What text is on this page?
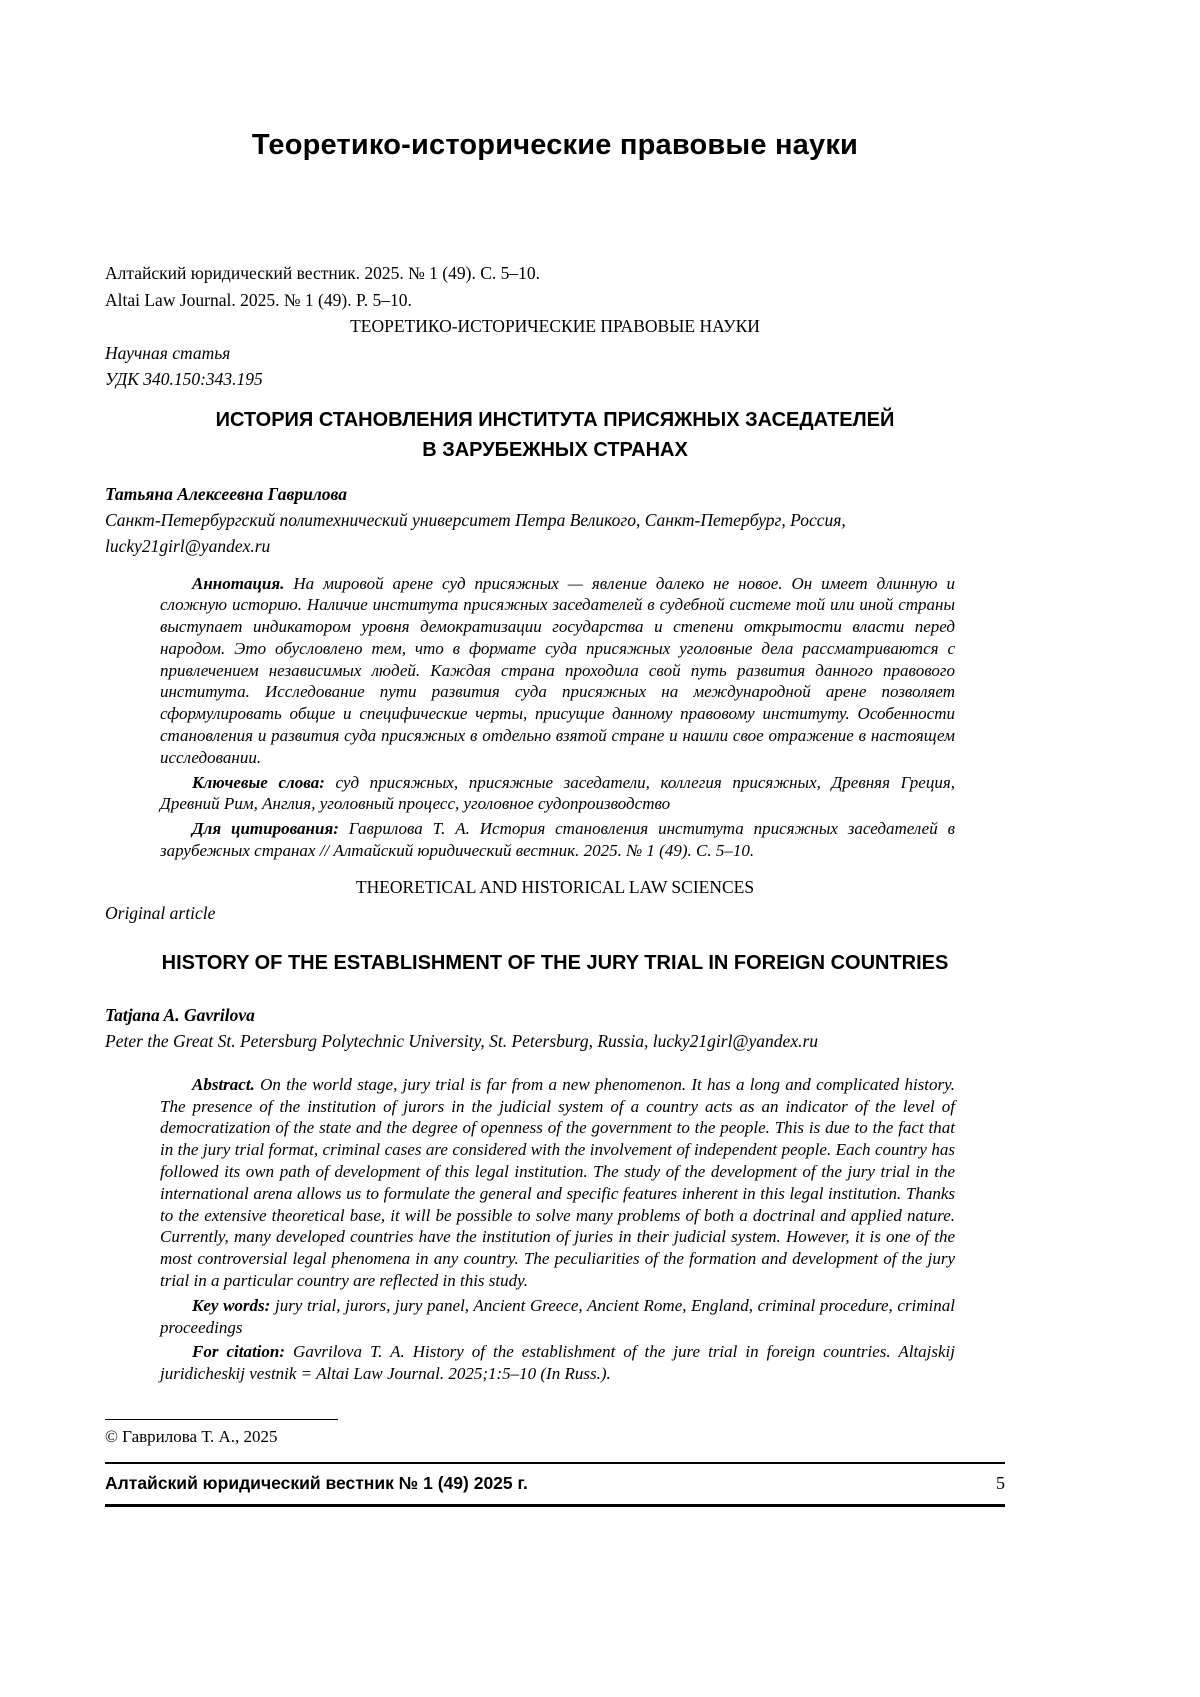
Теоретико-исторические правовые науки

Алтайский юридический вестник. 2025. № 1 (49). С. 5–10.

Altai Law Journal. 2025. № 1 (49). P. 5–10.

ТЕОРЕТИКО-ИСТОРИЧЕСКИЕ ПРАВОВЫЕ НАУКИ

Научная статья

УДК 340.150:343.195

ИСТОРИЯ СТАНОВЛЕНИЯ ИНСТИТУТА ПРИСЯЖНЫХ ЗАСЕДАТЕЛЕЙ
В ЗАРУБЕЖНЫХ СТРАНАХ

Татьяна Алексеевна Гаврилова

Санкт-Петербургский политехнический университет Петра Великого, Санкт-Петербург, Россия,
lucky21girl@yandex.ru

Аннотация. На мировой арене суд присяжных — явление далеко не новое. Он имеет длинную и сложную историю. Наличие института присяжных заседателей в судебной системе той или иной страны выступает индикатором уровня демократизации государства и степени открытости власти перед народом. Это обусловлено тем, что в формате суда присяжных уголовные дела рассматриваются с привлечением независимых людей. Каждая страна проходила свой путь развития данного правового института. Исследование пути развития суда присяжных на международной арене позволяет сформулировать общие и специфические черты, присущие данному правовому институту. Особенности становления и развития суда присяжных в отдельно взятой стране и нашли свое отражение в настоящем исследовании.

Ключевые слова: суд присяжных, присяжные заседатели, коллегия присяжных, Древняя Греция, Древний Рим, Англия, уголовный процесс, уголовное судопроизводство

Для цитирования: Гаврилова Т. А. История становления института присяжных заседателей в зарубежных странах // Алтайский юридический вестник. 2025. № 1 (49). С. 5–10.

THEORETICAL AND HISTORICAL LAW SCIENCES

Original article

HISTORY OF THE ESTABLISHMENT OF THE JURY TRIAL IN FOREIGN COUNTRIES

Tatjana A. Gavrilova

Peter the Great St. Petersburg Polytechnic University, St. Petersburg, Russia, lucky21girl@yandex.ru

Abstract. On the world stage, jury trial is far from a new phenomenon. It has a long and complicated history. The presence of the institution of jurors in the judicial system of a country acts as an indicator of the level of democratization of the state and the degree of openness of the government to the people. This is due to the fact that in the jury trial format, criminal cases are considered with the involvement of independent people. Each country has followed its own path of development of this legal institution. The study of the development of the jury trial in the international arena allows us to formulate the general and specific features inherent in this legal institution. Thanks to the extensive theoretical base, it will be possible to solve many problems of both a doctrinal and applied nature. Currently, many developed countries have the institution of juries in their judicial system. However, it is one of the most controversial legal phenomena in any country. The peculiarities of the formation and development of the jury trial in a particular country are reflected in this study.

Key words: jury trial, jurors, jury panel, Ancient Greece, Ancient Rome, England, criminal procedure, criminal proceedings

For citation: Gavrilova T. A. History of the establishment of the jure trial in foreign countries. Altajskij juridicheskij vestnik = Altai Law Journal. 2025;1:5–10 (In Russ.).

© Гаврилова Т. А., 2025

Алтайский юридический вестник № 1 (49) 2025 г.	5
